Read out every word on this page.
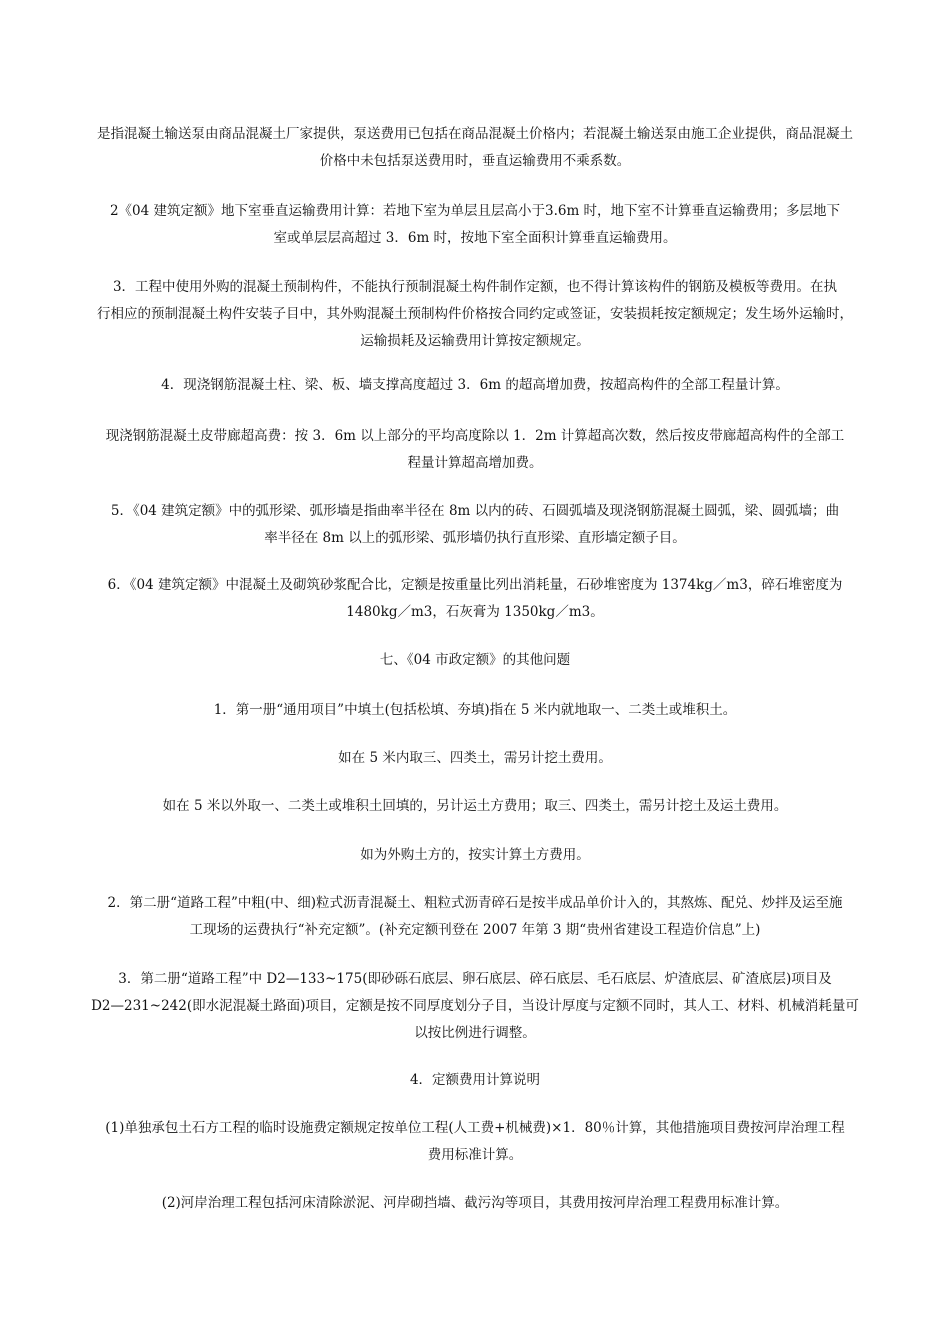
是指混凝土输送泵由商品混凝土厂家提供，泵送费用已包括在商品混凝土价格内；若混凝土输送泵由施工企业提供，商品混凝土
价格中未包括泵送费用时，垂直运输费用不乘系数。

2《04 建筑定额》地下室垂直运输费用计算：若地下室为单层且层高小于3.6m 时，地下室不计算垂直运输费用；多层地下
室或单层层高超过 3．6m 时，按地下室全面积计算垂直运输费用。

3．工程中使用外购的混凝土预制构件，不能执行预制混凝土构件制作定额，也不得计算该构件的钢筋及模板等费用。在执
行相应的预制混凝土构件安装子目中，其外购混凝土预制构件价格按合同约定或签证，安装损耗按定额规定；发生场外运输时，
运输损耗及运输费用计算按定额规定。

4．现浇钢筋混凝土柱、梁、板、墙支撑高度超过 3．6m 的超高增加费，按超高构件的全部工程量计算。

现浇钢筋混凝土皮带廊超高费：按 3．6m 以上部分的平均高度除以 1．2m 计算超高次数，然后按皮带廊超高构件的全部工
程量计算超高增加费。

5．《04 建筑定额》中的弧形梁、弧形墙是指曲率半径在 8m 以内的砖、石圆弧墙及现浇钢筋混凝土圆弧，梁、圆弧墙；曲
率半径在 8m 以上的弧形梁、弧形墙仍执行直形梁、直形墙定额子目。

6．《04 建筑定额》中混凝土及砌筑砂浆配合比，定额是按重量比列出消耗量，石砂堆密度为 1374kg／m3，碎石堆密度为
1480kg／m3，石灰膏为 1350kg／m3。

七、《04 市政定额》的其他问题

1．第一册“通用项目”中填土(包括松填、夯填)指在 5 米内就地取一、二类土或堆积土。

如在 5 米内取三、四类土，需另计挖土费用。

如在 5 米以外取一、二类土或堆积土回填的，另计运土方费用；取三、四类土，需另计挖土及运土费用。

如为外购土方的，按实计算土方费用。

2．第二册“道路工程”中粗(中、细)粒式沥青混凝土、粗粒式沥青碎石是按半成品单价计入的，其熬炼、配兑、炒拌及运至施
工现场的运费执行“补充定额”。(补充定额刊登在 2007 年第 3 期“贵州省建设工程造价信息”上)

3．第二册“道路工程”中 D2—133~175(即砂砾石底层、卵石底层、碎石底层、毛石底层、炉渣底层、矿渣底层)项目及
D2—231~242(即水泥混凝土路面)项目，定额是按不同厚度划分子目，当设计厚度与定额不同时，其人工、材料、机械消耗量可
以按比例进行调整。

4．定额费用计算说明

(1)单独承包土石方工程的临时设施费定额规定按单位工程(人工费+机械费)×1．80％计算，其他措施项目费按河岸治理工程
费用标准计算。

(2)河岸治理工程包括河床清除淤泥、河岸砌挡墙、截污沟等项目，其费用按河岸治理工程费用标准计算。
